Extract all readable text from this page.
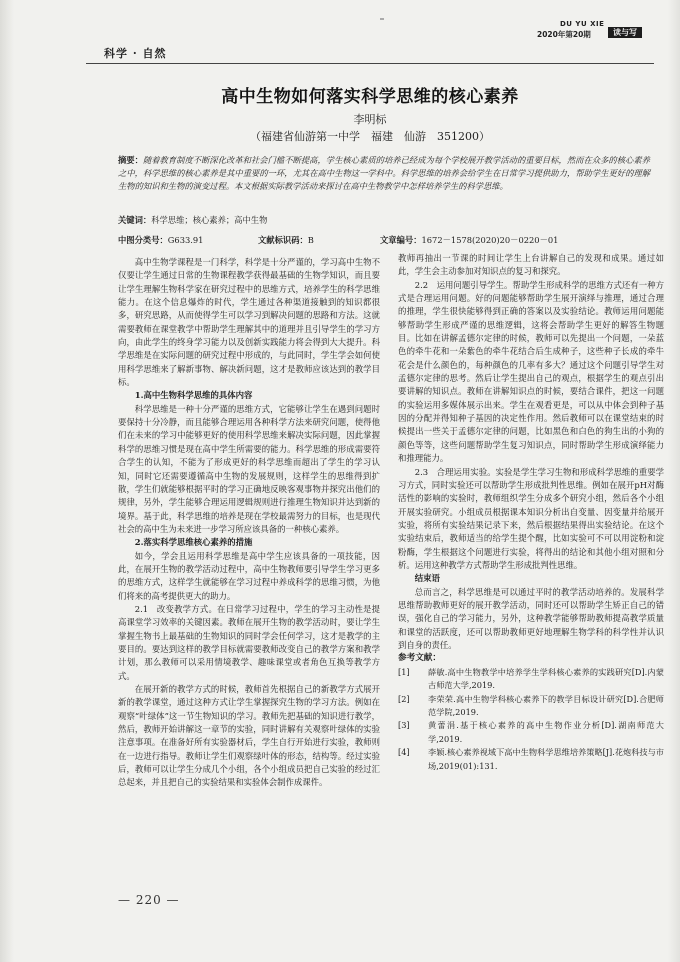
科学 · 自然
DU YU XIE
2020年第20期	读与写
高中生物如何落实科学思维的核心素养
李明标
（福建省仙游第一中学　福建　仙游　351200）
摘要：随着教育制度不断深化改革和社会门槛不断提高，学生核心素质的培养已经成为每个学校展开教学活动的重要目标，然而在众多的核心素养之中，科学思维的核心素养是其中重要的一环，尤其在高中生物这一学科中。科学思维的培养会给学生在日常学习提供助力，帮助学生更好的理解生物的知识和生物的演变过程。本文根据实际教学活动来探讨在高中生物教学中怎样培养学生的科学思维。
关键词：科学思维；核心素养；高中生物
中图分类号：G633.91	文献标识码：B	文章编号：1672－1578(2020)20－0220－01

高中生物学课程是一门科学，科学是十分严谨的，学习高中生物不仅要让学生通过日常的生物课程教学获得最基础的生物学知识，而且要让学生理解生物科学家在研究过程中的思维方式，培养学生的科学思维能力。在这个信息爆炸的时代，学生通过各种渠道接触到的知识都很多，研究思路，从而使得学生可以学习到解决问题的思路和方法。这就需要教师在课堂教学中帮助学生理解其中的道理并且引导学生的学习方向，由此学生的终身学习能力以及创新实践能力将会得到大大提升。科学思维是在实际问题的研究过程中形成的，与此同时，学生学会如何使用科学思维来了解新事物、解决新问题，这才是教师应该达到的教学目标。

1.高中生物科学思维的具体内容

科学思维是一种十分严谨的思维方式，它能够让学生在遇到问题时要保持十分冷静，而且能够合理运用各种科学方法来研究问题，使得他们在未来的学习中能够更好的使用科学思维来解决实际问题，因此掌握科学的思维习惯是现在高中学生所需要的能力。科学思维的形成需要符合学生的认知，不能为了形成更好的科学思维而超出了学生的学习认知，同时它还需要遵循高中生物的发展规则，这样学生的思维得到扩散，学生们就能够根据平时的学习正确地反映客观事物并探究出他们的规律，另外，学生能够合理运用逻辑规则进行推理生物知识并达到新的境界。基于此，科学思维的培养是现在学校最需努力的目标，也是现代社会的高中生为未来进一步学习所应该具备的一种核心素养。

2.落实科学思维核心素养的措施

如今，学会且运用科学思维是高中学生应该具备的一项技能，因此，在展开生物的教学活动过程中，高中生物教师要引导学生学习更多的思维方式，这样学生就能够在学习过程中养成科学的思维习惯，为他们将来的高考提供更大的助力。

2.1　改变教学方式。在日常学习过程中，学生的学习主动性是提高课堂学习效率的关键因素。教师在展开生物的教学活动时，要让学生掌握生物书上最基础的生物知识的同时学会任何学习，这才是教学的主要目的。要达到这样的教学目标就需要教师改变自己的教学方案和教学计划，那么教师可以采用情境教学、趣味课堂或者角色互换等教学方式。

在展开新的教学方式的时候，教师首先根据自己的新教学方式展开新的教学课堂，通过这种方式让学生掌握探究生物的学习方法。例如在观察“叶绿体”这一节生物知识的学习。教师先把基础的知识进行教学，然后，教师开始讲解这一章节的实验，同时讲解有关观察叶绿体的实验注意事项。在准备好所有实验器材后，学生自行开始进行实验，教师则在一边进行指导。教师让学生们观察绿叶体的形态，结构等。经过实验后，教师可以让学生分成几个小组，各个小组成员把自己实验的经过汇总起来，并且把自己的实验结果和实验体会制作成课件。

教师再抽出一节课的时间让学生上台讲解自己的发现和成果。通过如此，学生会主动参加对知识点的复习和探究。

2.2　运用问题引导学生。帮助学生形成科学的思维方式还有一种方式是合理运用问题。好的问题能够帮助学生展开演绎与推理，通过合理的推理，学生很快能够得到正确的答案以及实验结论。教师运用问题能够帮助学生形成严谨的思维逻辑，这将会帮助学生更好的解答生物题目。比如在讲解孟德尔定律的时候，教师可以先提出一个问题，一朵蓝色的牵牛花和一朵紫色的牵牛花结合后生成种子，这些种子长成的牵牛花会是什么颜色的，每种颜色的几率有多大？通过这个问题引导学生对孟德尔定律的思考。然后让学生提出自己的观点，根据学生的观点引出要讲解的知识点。教师在讲解知识点的时候，要结合课件，把这一问题的实验运用多媒体展示出来。学生在观看更是，可以从中体会到种子基因的分配并得知种子基因的决定性作用。然后教师可以在课堂结束的时候提出一些关于孟德尔定律的问题，比如黑色和白色的狗生出的小狗的颜色等等，这些问题帮助学生复习知识点，同时帮助学生形成演绎能力和推理能力。

2.3　合理运用实验。实验是学生学习生物和形成科学思维的重要学习方式，同时实验还可以帮助学生形成批判性思维。例如在展开pH对酶活性的影响的实验时，教师组织学生分成多个研究小组，然后各个小组开展实验研究。小组成员根据课本知识分析出自变量、因变量并给展开实验，将所有实验结果记录下来，然后根据结果得出实验结论。在这个实验结束后，教师适当的给学生提个醒，比如实验可不可以用淀粉和淀粉酶，学生根据这个问题进行实验，将得出的结论和其他小组对照和分析。运用这种教学方式帮助学生形成批判性思维。

结束语

总而言之，科学思维是可以通过平时的教学活动培养的。发展科学思维帮助教师更好的展开教学活动，同时还可以帮助学生矫正自己的错误，强化自己的学习能力，另外，这种教学能够帮助教师提高教学质量和课堂的活跃度，还可以帮助教师更好地理解生物学科的科学性并认识到自身的责任。

参考文献：

[1] 薛敏.高中生物教学中培养学生学科核心素养的实践研究[D].内蒙古师范大学,2019.
[2] 李荣荣.高中生物学科核心素养下的教学目标设计研究[D].合肥师范学院,2019.
[3] 黄蕾涓.基于核心素养的高中生物作业分析[D].湖南师范大学,2019.
[4] 李颖.核心素养视域下高中生物科学思维培养策略[J].花炮科技与市场,2019(01):131.
— 220 —
